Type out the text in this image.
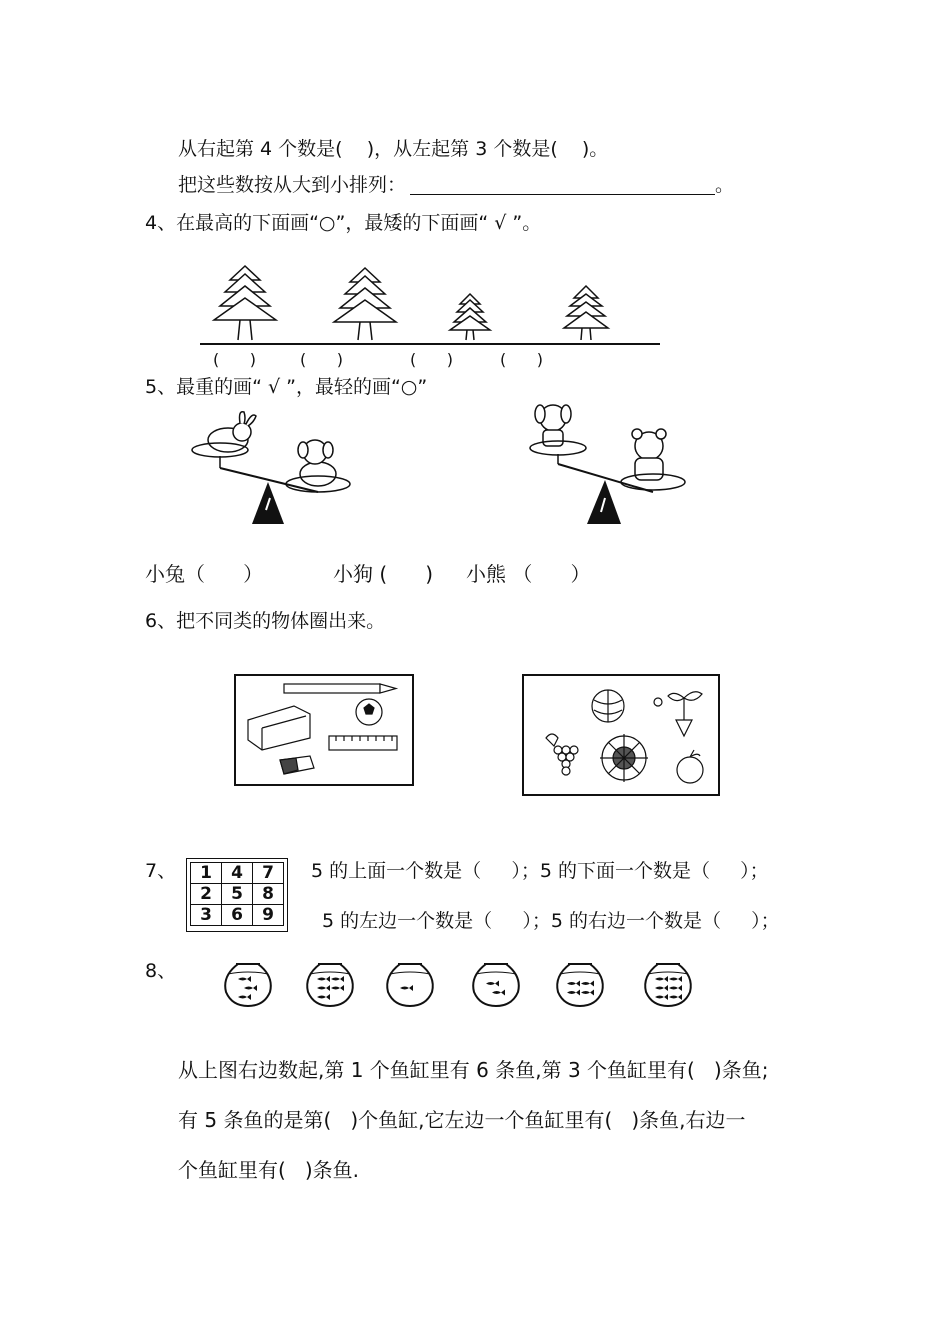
从右起第 4 个数是(    )，从左起第 3 个数是(    )。
把这些数按从大到小排列：	。
4、在最高的下面画“○”，最矮的下面画“ √ ”。
(      )	(      )	(      )	(      )
5、最重的画“ √ ”，最轻的画“○”
小兔（      ）	小狗 (      ) 小熊 （      ）
6、把不同类的物体圈出来。
7、 1	4	7
2	5	8
3	6	9
5 的上面一个数是（     ）；5 的下面一个数是（     ）；
5 的左边一个数是（     ）；5 的右边一个数是（     ）；
8、
从上图右边数起,第 1 个鱼缸里有 6 条鱼,第 3 个鱼缸里有(   )条鱼;
有 5 条鱼的是第(   )个鱼缸,它左边一个鱼缸里有(   )条鱼,右边一
个鱼缸里有(   )条鱼.
